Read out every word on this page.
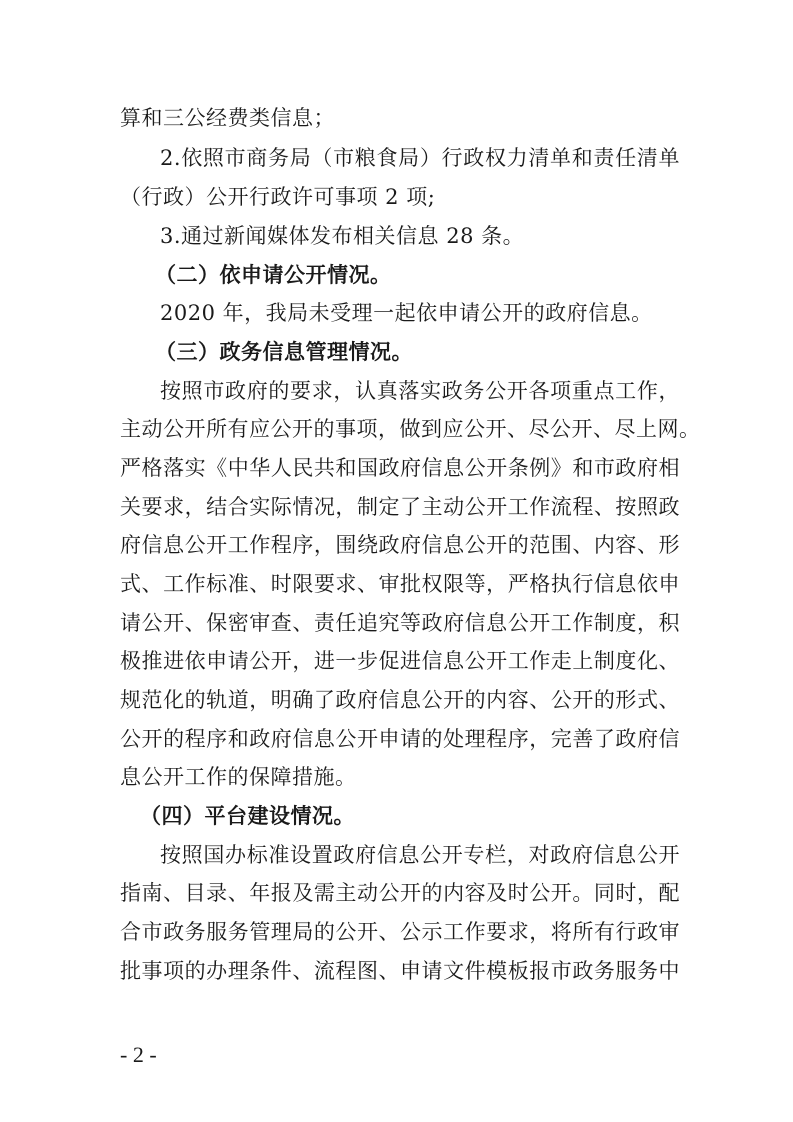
算和三公经费类信息；
2.依照市商务局（市粮食局）行政权力清单和责任清单
（行政）公开行政许可事项 2 项;
3.通过新闻媒体发布相关信息 28 条。
（二）依申请公开情况。
2020 年，我局未受理一起依申请公开的政府信息。
（三）政务信息管理情况。
按照市政府的要求，认真落实政务公开各项重点工作，
主动公开所有应公开的事项，做到应公开、尽公开、尽上网。
严格落实《中华人民共和国政府信息公开条例》和市政府相
关要求，结合实际情况，制定了主动公开工作流程、按照政
府信息公开工作程序，围绕政府信息公开的范围、内容、形
式、工作标准、时限要求、审批权限等，严格执行信息依申
请公开、保密审查、责任追究等政府信息公开工作制度，积
极推进依申请公开，进一步促进信息公开工作走上制度化、
规范化的轨道，明确了政府信息公开的内容、公开的形式、
公开的程序和政府信息公开申请的处理程序，完善了政府信
息公开工作的保障措施。
（四）平台建设情况。
按照国办标准设置政府信息公开专栏，对政府信息公开
指南、目录、年报及需主动公开的内容及时公开。同时，配
合市政务服务管理局的公开、公示工作要求，将所有行政审
批事项的办理条件、流程图、申请文件模板报市政务服务中
- 2 -
